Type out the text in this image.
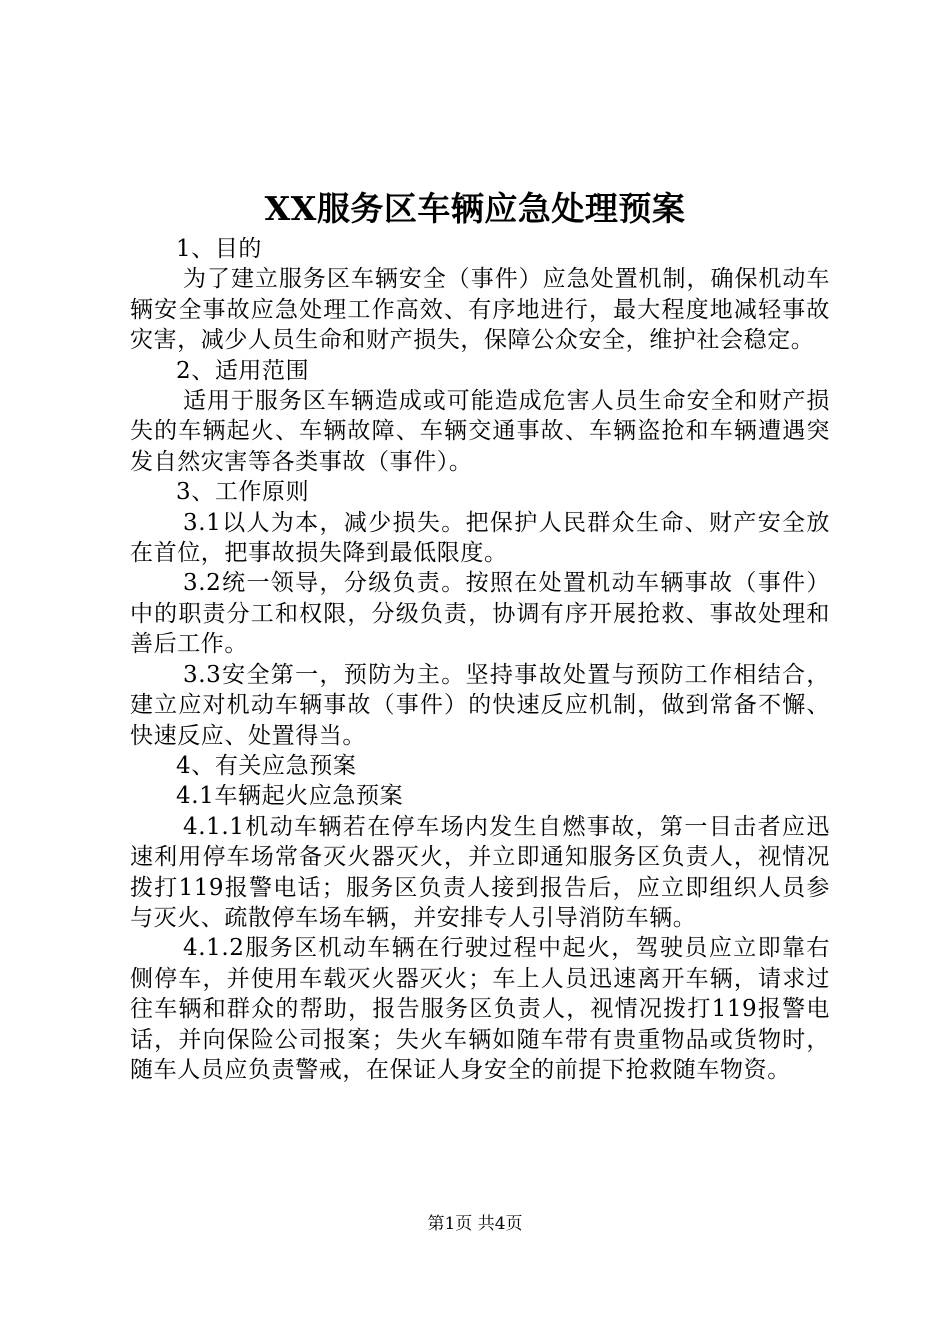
XX服务区车辆应急处理预案

1、目的

为了建立服务区车辆安全（事件）应急处置机制，确保机动车辆安全事故应急处理工作高效、有序地进行，最大程度地减轻事故灾害，减少人员生命和财产损失，保障公众安全，维护社会稳定。

2、适用范围

适用于服务区车辆造成或可能造成危害人员生命安全和财产损失的车辆起火、车辆故障、车辆交通事故、车辆盗抢和车辆遭遇突发自然灾害等各类事故（事件）。

3、工作原则

3.1以人为本，减少损失。把保护人民群众生命、财产安全放在首位，把事故损失降到最低限度。

3.2统一领导，分级负责。按照在处置机动车辆事故（事件）中的职责分工和权限，分级负责，协调有序开展抢救、事故处理和善后工作。

3.3安全第一，预防为主。坚持事故处置与预防工作相结合，建立应对机动车辆事故（事件）的快速反应机制，做到常备不懈、快速反应、处置得当。

4、有关应急预案

4.1车辆起火应急预案

4.1.1机动车辆若在停车场内发生自燃事故，第一目击者应迅速利用停车场常备灭火器灭火，并立即通知服务区负责人，视情况拨打119报警电话；服务区负责人接到报告后，应立即组织人员参与灭火、疏散停车场车辆，并安排专人引导消防车辆。

4.1.2服务区机动车辆在行驶过程中起火，驾驶员应立即靠右侧停车，并使用车载灭火器灭火；车上人员迅速离开车辆，请求过往车辆和群众的帮助，报告服务区负责人，视情况拨打119报警电话，并向保险公司报案；失火车辆如随车带有贵重物品或货物时，随车人员应负责警戒，在保证人身安全的前提下抢救随车物资。

第1页 共4页
